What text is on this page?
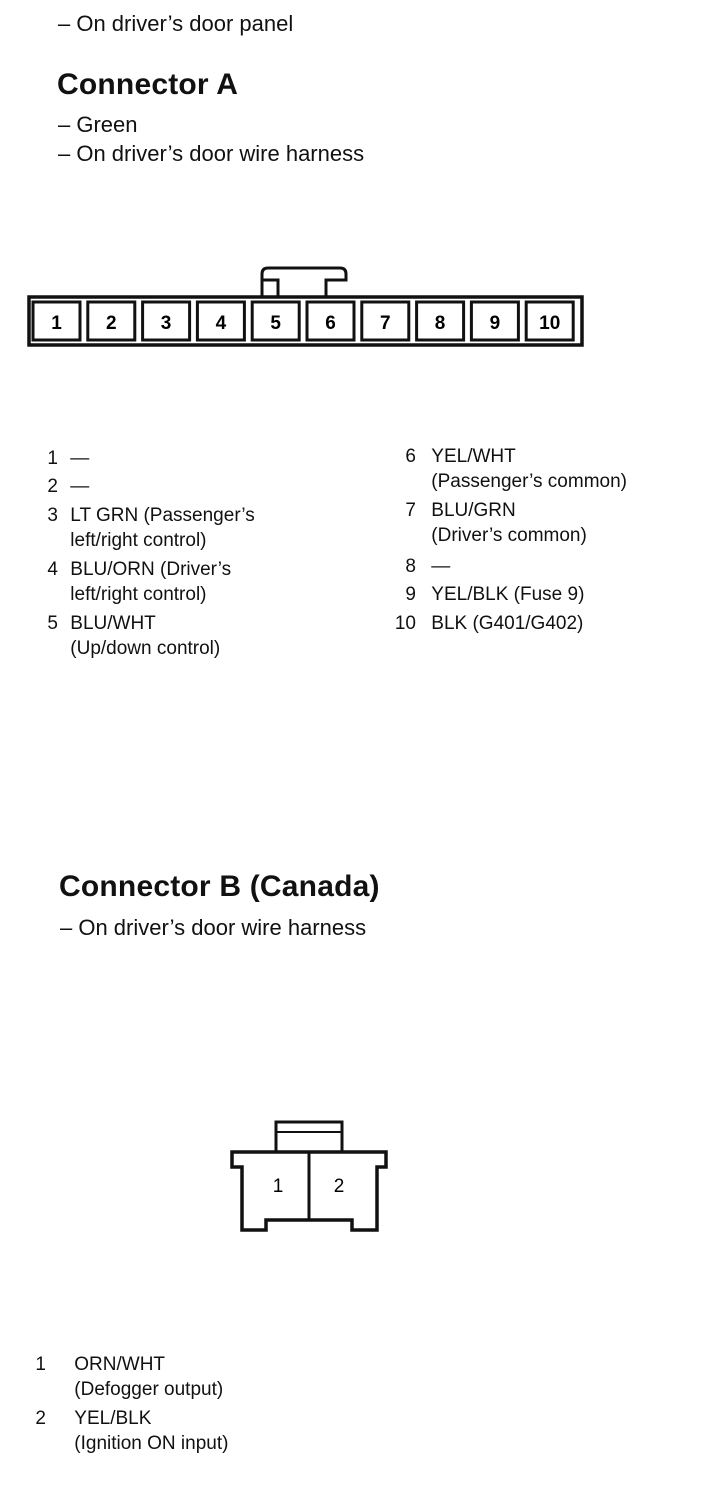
– On driver’s door panel
Connector A
– Green
– On driver’s door wire harness
1 2 3 4 5 6 7 8 9 10
1 —
2 —
3 LT GRN (Passenger’s
left/right control)
4 BLU/ORN (Driver’s
left/right control)
5 BLU/WHT
(Up/down control)
6 YEL/WHT
(Passenger’s common)
7 BLU/GRN
(Driver’s common)
8 —
9 YEL/BLK (Fuse 9)
10 BLK (G401/G402)
Connector B (Canada)
– On driver’s door wire harness
1	2
1 ORN/WHT
(Defogger output)
2 YEL/BLK
(Ignition ON input)
